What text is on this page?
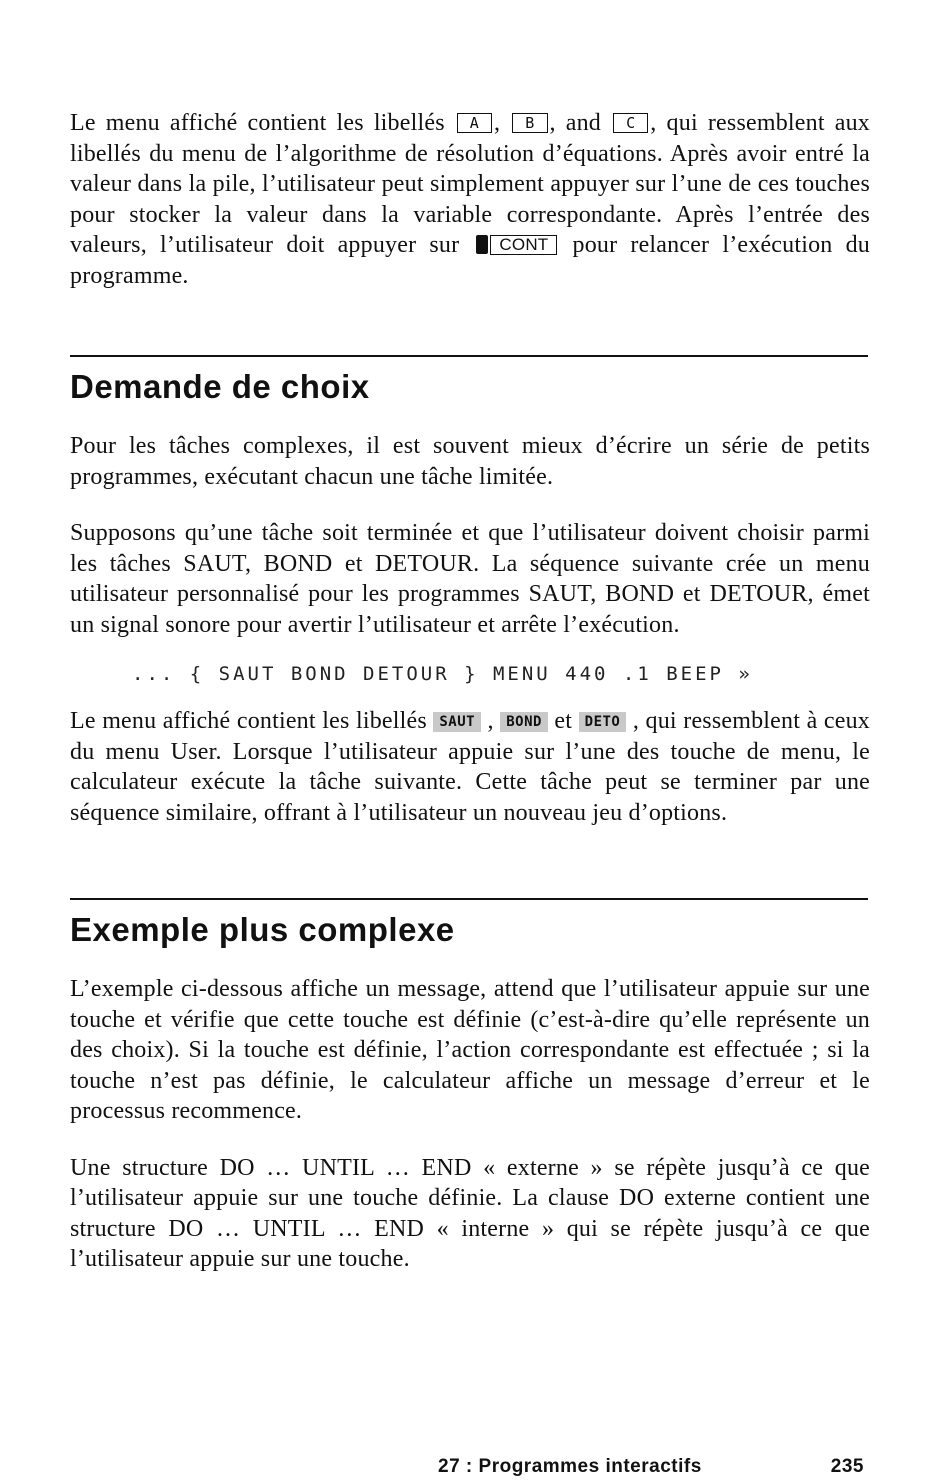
Le menu affiché contient les libellés A , B , and C , qui ressemblent aux libellés du menu de l’algorithme de résolution d’équations. Après avoir entré la valeur dans la pile, l’utilisateur peut simplement appuyer sur l’une de ces touches pour stocker la valeur dans la variable correspondante. Après l’entrée des valeurs, l’utilisateur doit appuyer sur CONT pour relancer l’exécution du programme.

Demande de choix

Pour les tâches complexes, il est souvent mieux d’écrire un série de petits programmes, exécutant chacun une tâche limitée.

Supposons qu’une tâche soit terminée et que l’utilisateur doivent choisir parmi les tâches SAUT, BOND et DETOUR. La séquence suivante crée un menu utilisateur personnalisé pour les programmes SAUT, BOND et DETOUR, émet un signal sonore pour avertir l’utilisateur et arrête l’exécution.

... { SAUT BOND DETOUR } MENU 440 .1 BEEP »

Le menu affiché contient les libellés SAUT , BOND et DETO , qui ressemblent à ceux du menu User. Lorsque l’utilisateur appuie sur l’une des touche de menu, le calculateur exécute la tâche suivante. Cette tâche peut se terminer par une séquence similaire, offrant à l’utilisateur un nouveau jeu d’options.

Exemple plus complexe

L’exemple ci-dessous affiche un message, attend que l’utilisateur appuie sur une touche et vérifie que cette touche est définie (c’est-à-dire qu’elle représente un des choix). Si la touche est définie, l’action correspondante est effectuée ; si la touche n’est pas définie, le calculateur affiche un message d’erreur et le processus recommence.

Une structure DO … UNTIL … END « externe » se répète jusqu’à ce que l’utilisateur appuie sur une touche définie. La clause DO externe contient une structure DO … UNTIL … END « interne » qui se répète jusqu’à ce que l’utilisateur appuie sur une touche.

27 : Programmes interactifs	235
